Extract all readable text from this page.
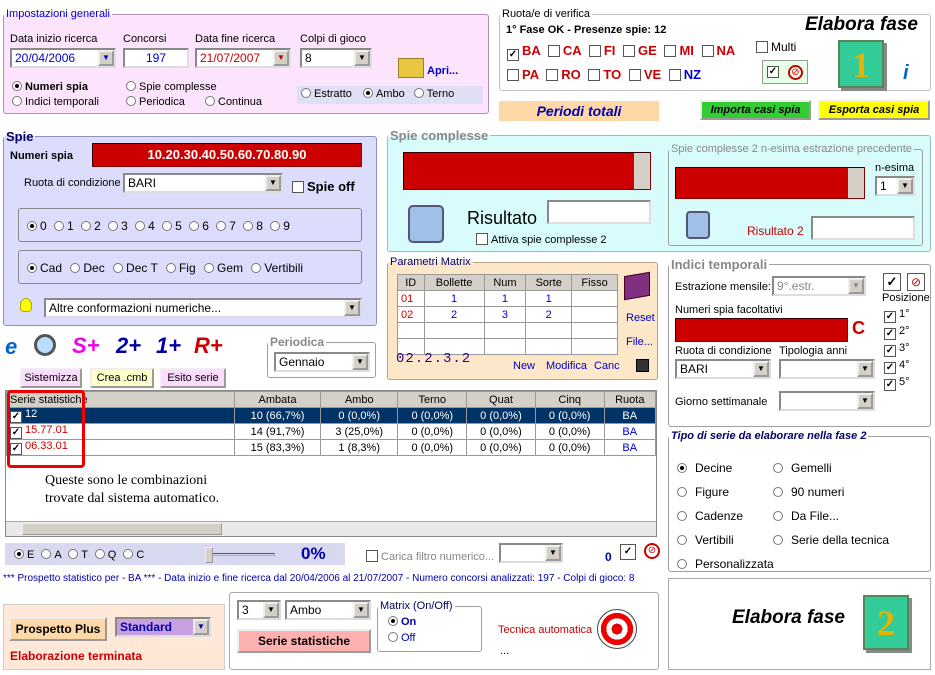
Impostazioni generali
Data inizio ricerca
20/04/2006	▼
Concorsi
197
Data fine ricerca
21/07/2007	▼
Colpi di gioco
8	▼
Apri...
Numeri spia
Indici temporali
Spie complesse
Periodica	Continua
Estratto Ambo Terno
Ruota/e di verifica
1° Fase OK - Presenze spie: 12
✓ BA CA FI GE MI NA
PA RO TO VE NZ
Multi
✓	⊘
Elabora fase
1	i
Periodi totali	Importa casi spia	Esporta casi spia
Spie
Numeri spia	10.20.30.40.50.60.70.80.90
Ruota di condizione BARI	▼	Spie off
0 1 2 3 4 5 6 7 8 9
Cad Dec Dec T Fig Gem Vertibili
Altre conformazioni numeriche...	▼
Spie complesse
Risultato
Attiva spie complesse 2
Spie complesse 2 n-esima estrazione precedente
n-esima
1	▼
Risultato 2
Parametri Matrix
ID	Bollette	Num	Sorte	Fisso
01	1	1	1	
02	2	3	2	

					Reset
File...
02.2.3.2	New Modifica Canc
Indici temporali
Estrazione mensile: 9°.estr.	▼
Numeri spia facoltativi
C
Ruota di condizione
BARI	▼
Tipologia anni
▼
Giorno settimanale	▼
✓	⊘
Posizione
✓ 1°
✓ 2°
✓ 3°
✓ 4°
✓ 5°
e	S+ 2+ 1+ R+	Periodica
Gennaio	▼
Sistemizza	Crea .cmb	Esito serie
Serie statistiche	Ambata	Ambo	Terno	Quat	Cinq	Ruota
✓ 12	10 (66,7%)	0 (0,0%)	0 (0,0%)	0 (0,0%)	0 (0,0%)	BA
✓ 15.77.01	14 (91,7%)	3 (25,0%)	0 (0,0%)	0 (0,0%)	0 (0,0%)	BA
✓ 06.33.01	15 (83,3%)	1 (8,3%)	0 (0,0%)	0 (0,0%)	0 (0,0%)	BA
Queste sono le combinazioni
trovate dal sistema automatico.
E A T Q C	0%	Carica filtro numerico...	▼	0	✓	⊘
*** Prospetto statistico per - BA *** - Data inizio e fine ricerca dal 20/04/2006 al 21/07/2007 - Numero concorsi analizzati: 197 - Colpi di gioco: 8
Prospetto Plus	Standard	▼
Elaborazione terminata
3	▼	Ambo	▼
Serie statistiche
Matrix (On/Off)
On
Off
Tecnica automatica
...
Tipo di serie da elaborare nella fase 2
Decine
Figure
Cadenze
Vertibili
Personalizzata
Gemelli
90 numeri
Da File...
Serie della tecnica
Elabora fase 2
